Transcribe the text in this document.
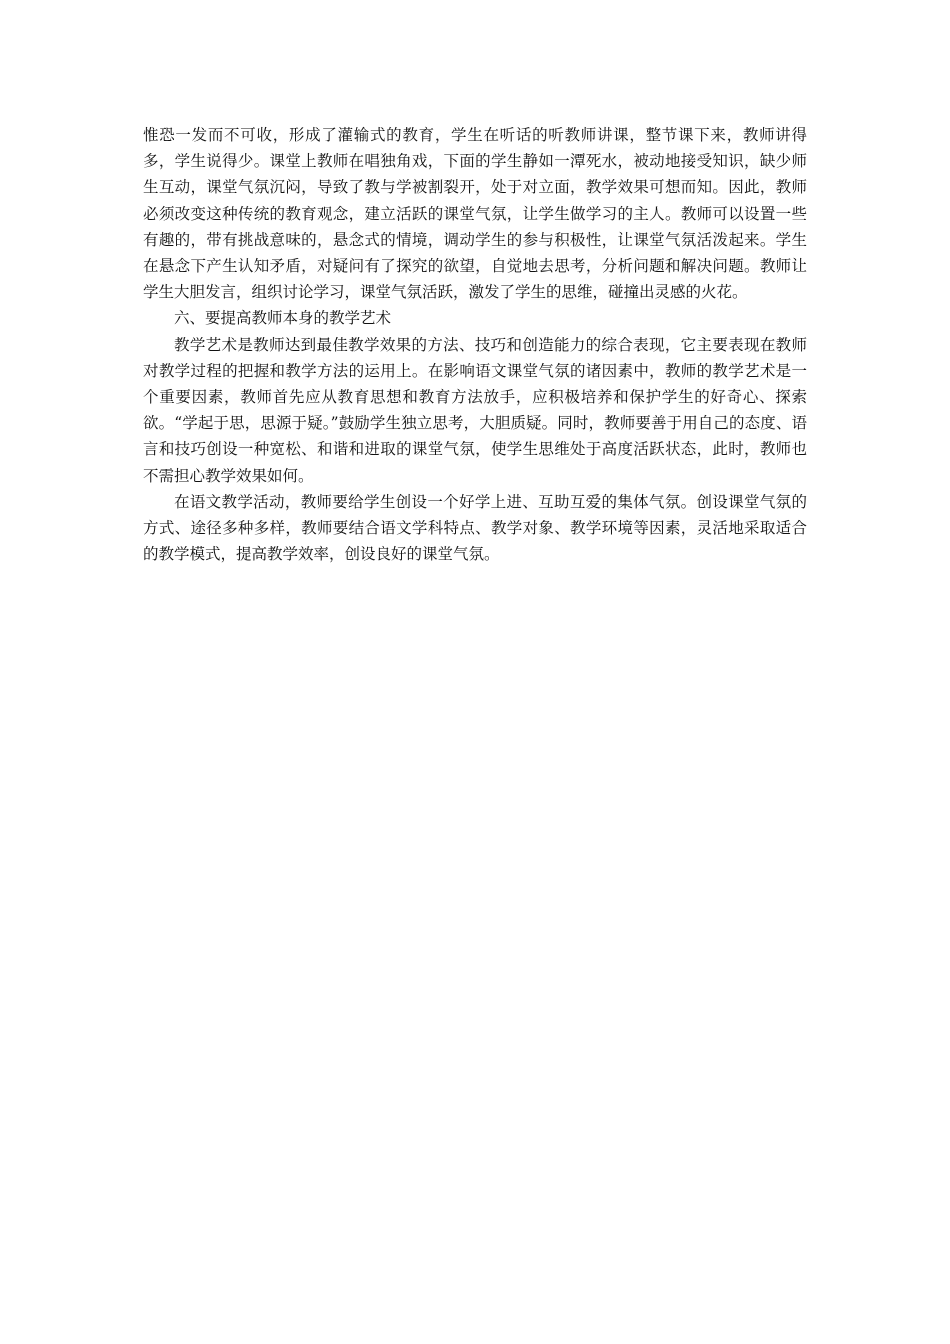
惟恐一发而不可收，形成了灌输式的教育，学生在听话的听教师讲课，整节课下来，教师讲得多，学生说得少。课堂上教师在唱独角戏，下面的学生静如一潭死水，被动地接受知识，缺少师生互动，课堂气氛沉闷，导致了教与学被割裂开，处于对立面，教学效果可想而知。因此，教师必须改变这种传统的教育观念，建立活跃的课堂气氛，让学生做学习的主人。教师可以设置一些有趣的，带有挑战意味的，悬念式的情境，调动学生的参与积极性，让课堂气氛活泼起来。学生在悬念下产生认知矛盾，对疑问有了探究的欲望，自觉地去思考，分析问题和解决问题。教师让学生大胆发言，组织讨论学习，课堂气氛活跃，激发了学生的思维，碰撞出灵感的火花。

六、要提高教师本身的教学艺术

教学艺术是教师达到最佳教学效果的方法、技巧和创造能力的综合表现，它主要表现在教师对教学过程的把握和教学方法的运用上。在影响语文课堂气氛的诸因素中，教师的教学艺术是一个重要因素，教师首先应从教育思想和教育方法放手，应积极培养和保护学生的好奇心、探索欲。“学起于思，思源于疑。”鼓励学生独立思考，大胆质疑。同时，教师要善于用自己的态度、语言和技巧创设一种宽松、和谐和进取的课堂气氛，使学生思维处于高度活跃状态，此时，教师也不需担心教学效果如何。

在语文教学活动，教师要给学生创设一个好学上进、互助互爱的集体气氛。创设课堂气氛的方式、途径多种多样，教师要结合语文学科特点、教学对象、教学环境等因素，灵活地采取适合的教学模式，提高教学效率，创设良好的课堂气氛。
